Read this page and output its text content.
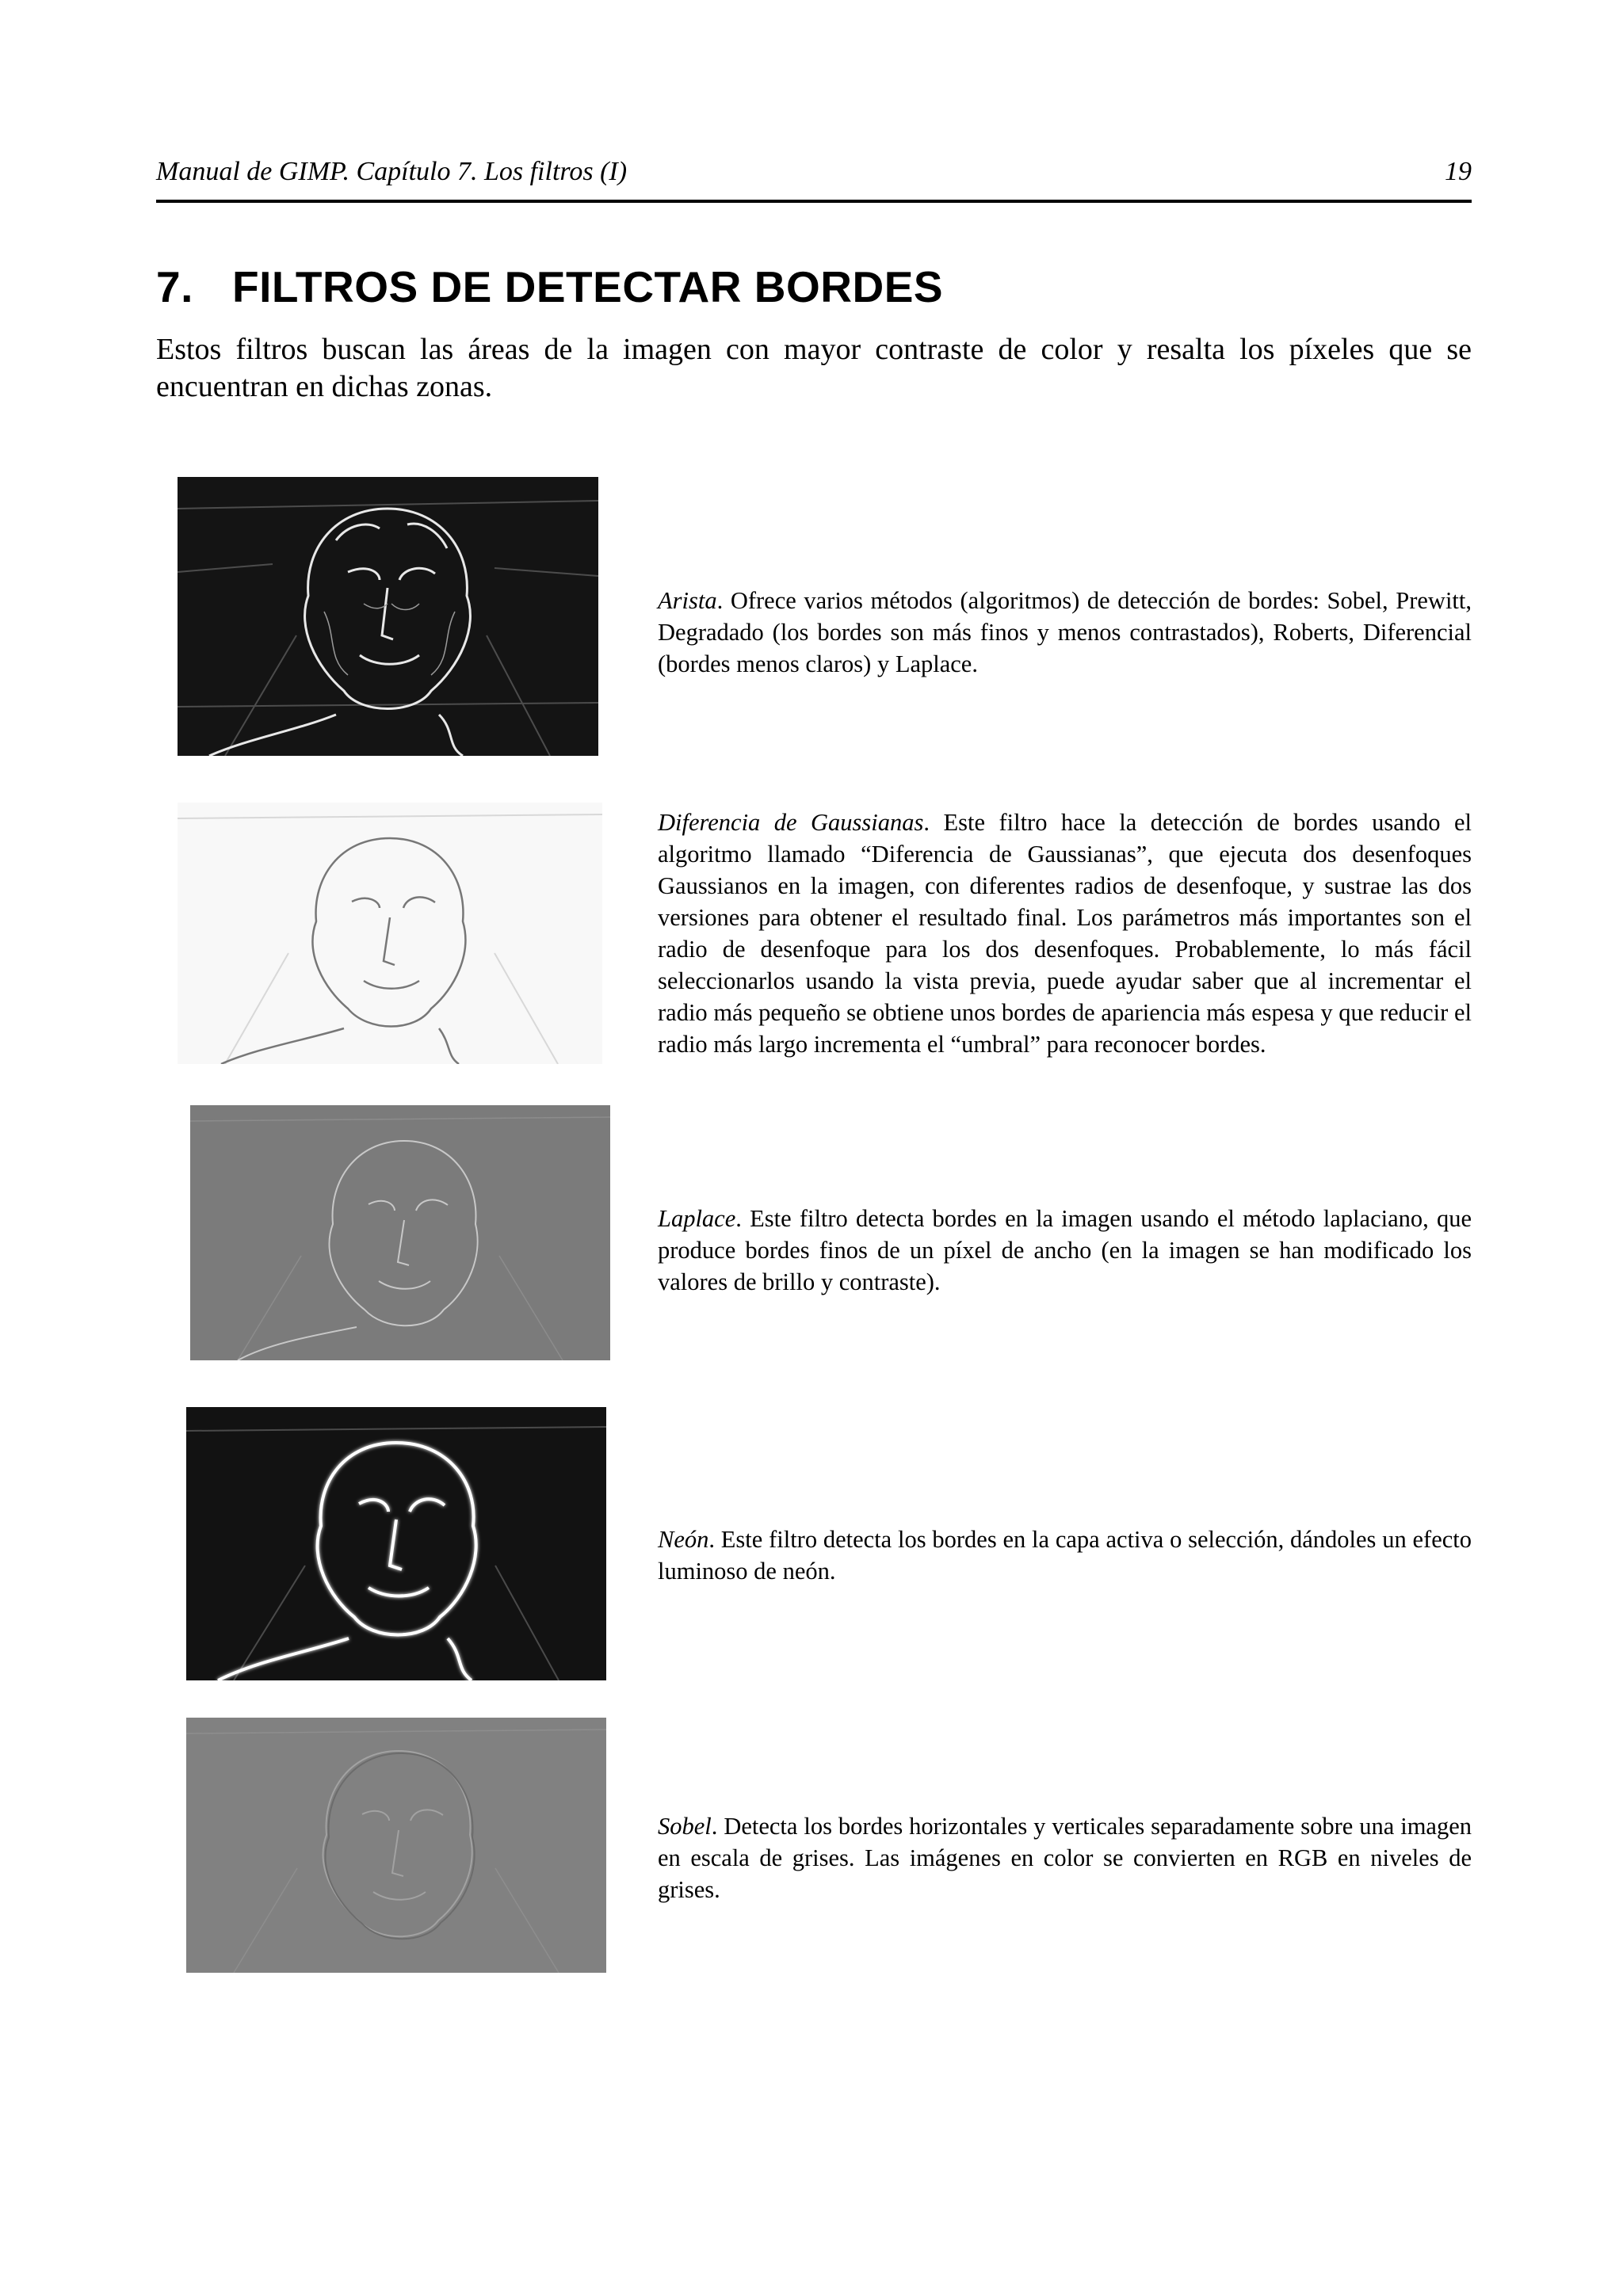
Manual de GIMP. Capítulo 7. Los filtros (I)	19
7. FILTROS DE DETECTAR BORDES

Estos filtros buscan las áreas de la imagen con mayor contraste de color y resalta los píxeles que se encuentran en dichas zonas.

Arista. Ofrece varios métodos (algoritmos) de detección de bordes: Sobel, Prewitt, Degradado (los bordes son más finos y menos contrastados), Roberts, Diferencial (bordes menos claros) y Laplace.

Diferencia de Gaussianas. Este filtro hace la detección de bordes usando el algoritmo llamado “Diferencia de Gaussianas”, que ejecuta dos desenfoques Gaussianos en la imagen, con diferentes radios de desenfoque, y sustrae las dos versiones para obtener el resultado final. Los parámetros más importantes son el radio de desenfoque para los dos desenfoques. Probablemente, lo más fácil seleccionarlos usando la vista previa, puede ayudar saber que al incrementar el radio más pequeño se obtiene unos bordes de apariencia más espesa y que reducir el radio más largo incrementa el “umbral” para reconocer bordes.

Laplace. Este filtro detecta bordes en la imagen usando el método laplaciano, que produce bordes finos de un píxel de ancho (en la imagen se han modificado los valores de brillo y contraste).

Neón. Este filtro detecta los bordes en la capa activa o selección, dándoles un efecto luminoso de neón.

Sobel. Detecta los bordes horizontales y verticales separadamente sobre una imagen en escala de grises. Las imágenes en color se convierten en RGB en niveles de grises.
